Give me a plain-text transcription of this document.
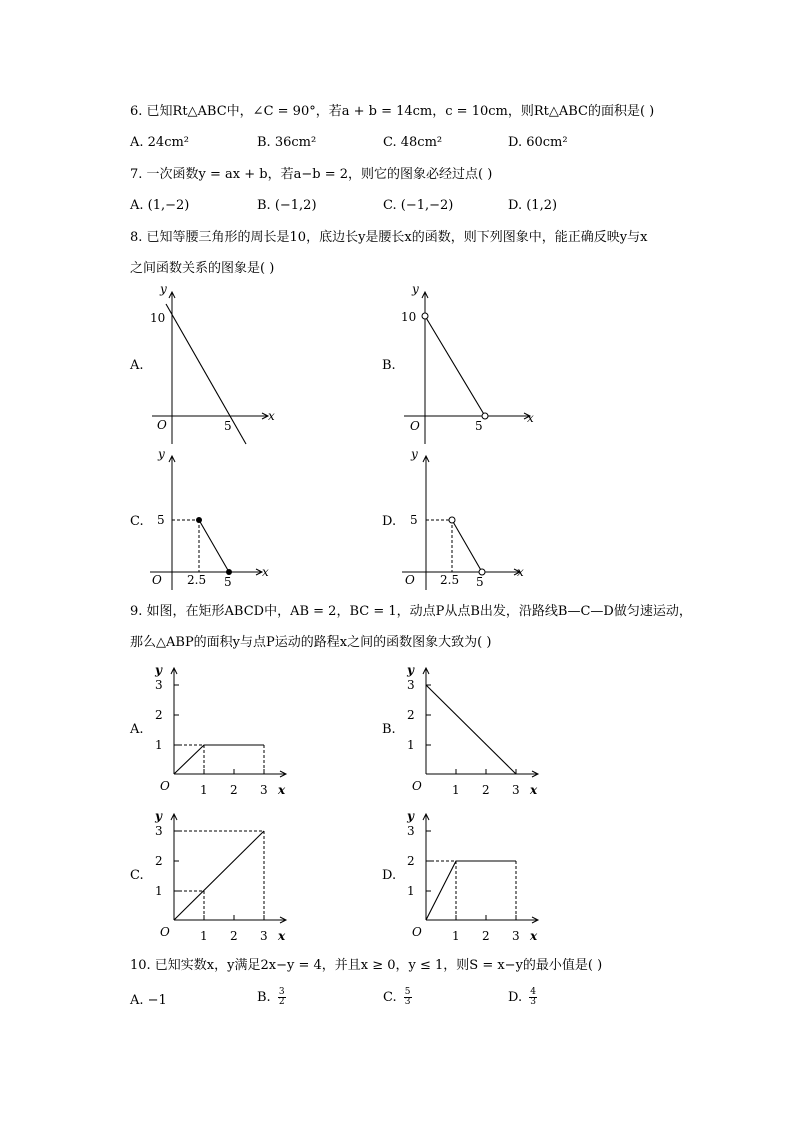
6. 已知Rt△ABC中，∠C = 90°，若a + b = 14cm，c = 10cm，则Rt△ABC的面积是( )
A. 24cm²	B. 36cm²	C. 48cm²	D. 60cm²
7. 一次函数y = ax + b，若a−b = 2，则它的图象必经过点( )
A. (1,−2)	B. (−1,2)	C. (−1,−2)	D. (1,2)
8. 已知等腰三角形的周长是10，底边长y是腰长x的函数，则下列图象中，能正确反映y与x
之间函数关系的图象是( )
A.	B.
C.	D.
y
x
O
10
5
y
x
O
10
5
y
x
O
5
2.5 5
y
x
O
5
2.5 5
9. 如图，在矩形ABCD中，AB = 2，BC = 1，动点P从点B出发，沿路线B—C—D做匀速运动，
那么△ABP的面积y与点P运动的路程x之间的函数图象大致为( )
A.	B.
C.	D.
y
x
O
3
2
1
1 2 3
y
x
O
3
2
1
1 2 3
y
x
O
3
2
1
1 2 3
y
x
O
3
2
1
1 2 3
10. 已知实数x，y满足2x−y = 4，并且x ≥ 0，y ≤ 1，则S = x−y的最小值是( )
A. −1	B. $\frac{3}{2}$	C. $\frac{5}{3}$	D. $\frac{4}{3}$
